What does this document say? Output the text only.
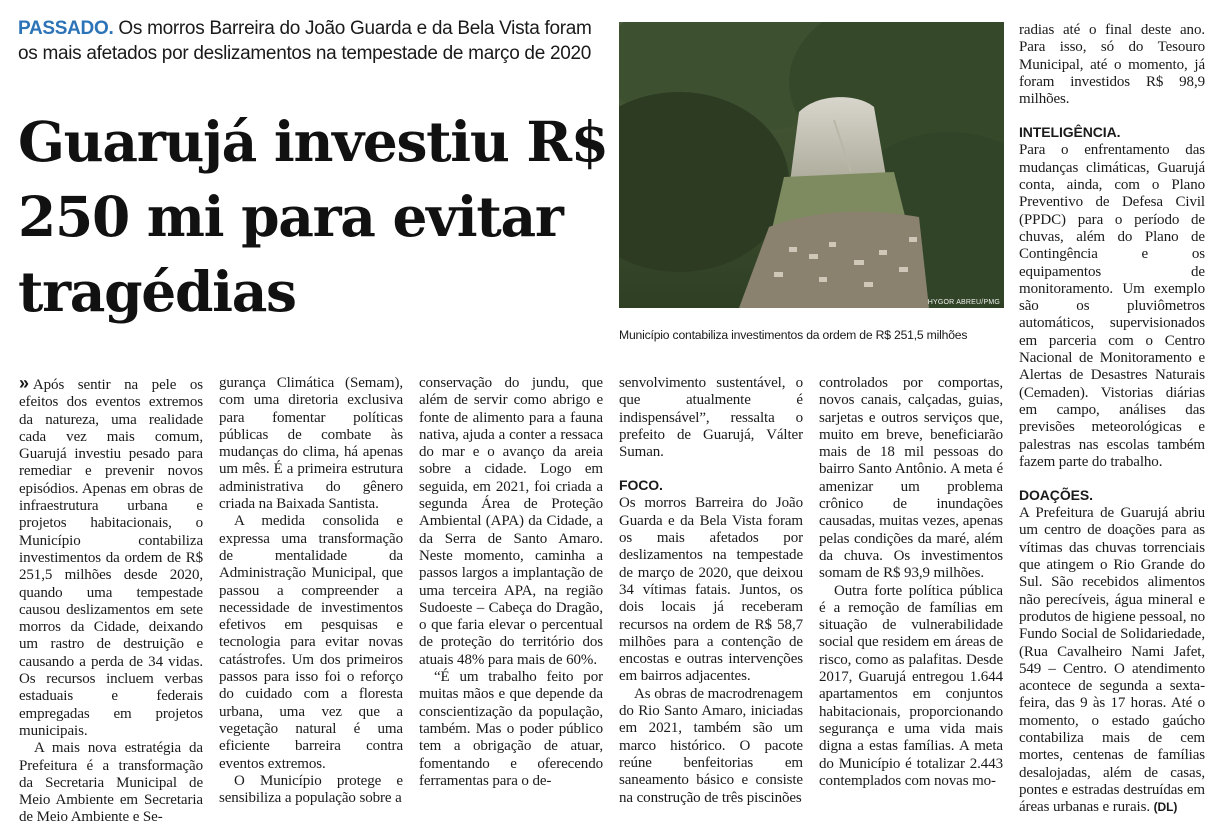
PASSADO. Os morros Barreira do João Guarda e da Bela Vista foram os mais afetados por deslizamentos na tempestade de março de 2020
Guarujá investiu R$ 250 mi para evitar tragédias	HYGOR ABREU/PMG
Município contabiliza investimentos da ordem de R$ 251,5 milhões

» Após sentir na pele os efeitos dos eventos extremos da natureza, uma realidade cada vez mais comum, Guarujá investiu pesado para remediar e prevenir novos episódios. Apenas em obras de infraestrutura urbana e projetos habitacionais, o Município contabiliza investimentos da ordem de R$ 251,5 milhões desde 2020, quando uma tempestade causou deslizamentos em sete morros da Cidade, deixando um rastro de destruição e causando a perda de 34 vidas. Os recursos incluem verbas estaduais e federais empregadas em projetos municipais.

A mais nova estratégia da Prefeitura é a transformação da Secretaria Municipal de Meio Ambiente em Secretaria de Meio Ambiente e Se-

gurança Climática (Semam), com uma diretoria exclusiva para fomentar políticas públicas de combate às mudanças do clima, há apenas um mês. É a primeira estrutura administrativa do gênero criada na Baixada Santista.

A medida consolida e expressa uma transformação de mentalidade da Administração Municipal, que passou a compreender a necessidade de investimentos efetivos em pesquisas e tecnologia para evitar novas catástrofes. Um dos primeiros passos para isso foi o reforço do cuidado com a floresta urbana, uma vez que a vegetação natural é uma eficiente barreira contra eventos extremos.

O Município protege e sensibiliza a população sobre a

conservação do jundu, que além de servir como abrigo e fonte de alimento para a fauna nativa, ajuda a conter a ressaca do mar e o avanço da areia sobre a cidade. Logo em seguida, em 2021, foi criada a segunda Área de Proteção Ambiental (APA) da Cidade, a da Serra de Santo Amaro. Neste momento, caminha a passos largos a implantação de uma terceira APA, na região Sudoeste – Cabeça do Dragão, o que faria elevar o percentual de proteção do território dos atuais 48% para mais de 60%.

“É um trabalho feito por muitas mãos e que depende da conscientização da população, também. Mas o poder público tem a obrigação de atuar, fomentando e oferecendo ferramentas para o de-

senvolvimento sustentável, o que atualmente é indispensável”, ressalta o prefeito de Guarujá, Válter Suman.

FOCO.

Os morros Barreira do João Guarda e da Bela Vista foram os mais afetados por deslizamentos na tempestade de março de 2020, que deixou 34 vítimas fatais. Juntos, os dois locais já receberam recursos na ordem de R$ 58,7 milhões para a contenção de encostas e outras intervenções em bairros adjacentes.

As obras de macrodrenagem do Rio Santo Amaro, iniciadas em 2021, também são um marco histórico. O pacote reúne benfeitorias em saneamento básico e consiste na construção de três piscinões

controlados por comportas, novos canais, calçadas, guias, sarjetas e outros serviços que, muito em breve, beneficiarão mais de 18 mil pessoas do bairro Santo Antônio. A meta é amenizar um problema crônico de inundações causadas, muitas vezes, apenas pelas condições da maré, além da chuva. Os investimentos somam de R$ 93,9 milhões.

Outra forte política pública é a remoção de famílias em situação de vulnerabilidade social que residem em áreas de risco, como as palafitas. Desde 2017, Guarujá entregou 1.644 apartamentos em conjuntos habitacionais, proporcionando segurança e uma vida mais digna a estas famílias. A meta do Município é totalizar 2.443 contemplados com novas mo-

radias até o final deste ano. Para isso, só do Tesouro Municipal, até o momento, já foram investidos R$ 98,9 milhões.

INTELIGÊNCIA.

Para o enfrentamento das mudanças climáticas, Guarujá conta, ainda, com o Plano Preventivo de Defesa Civil (PPDC) para o período de chuvas, além do Plano de Contingência e os equipamentos de monitoramento. Um exemplo são os pluviômetros automáticos, supervisionados em parceria com o Centro Nacional de Monitoramento e Alertas de Desastres Naturais (Cemaden). Vistorias diárias em campo, análises das previsões meteorológicas e palestras nas escolas também fazem parte do trabalho.

DOAÇÕES.

A Prefeitura de Guarujá abriu um centro de doações para as vítimas das chuvas torrenciais que atingem o Rio Grande do Sul. São recebidos alimentos não perecíveis, água mineral e produtos de higiene pessoal, no Fundo Social de Solidariedade, (Rua Cavalheiro Nami Jafet, 549 – Centro. O atendimento acontece de segunda a sexta-feira, das 9 às 17 horas. Até o momento, o estado gaúcho contabiliza mais de cem mortes, centenas de famílias desalojadas, além de casas, pontes e estradas destruídas em áreas urbanas e rurais. (DL)
